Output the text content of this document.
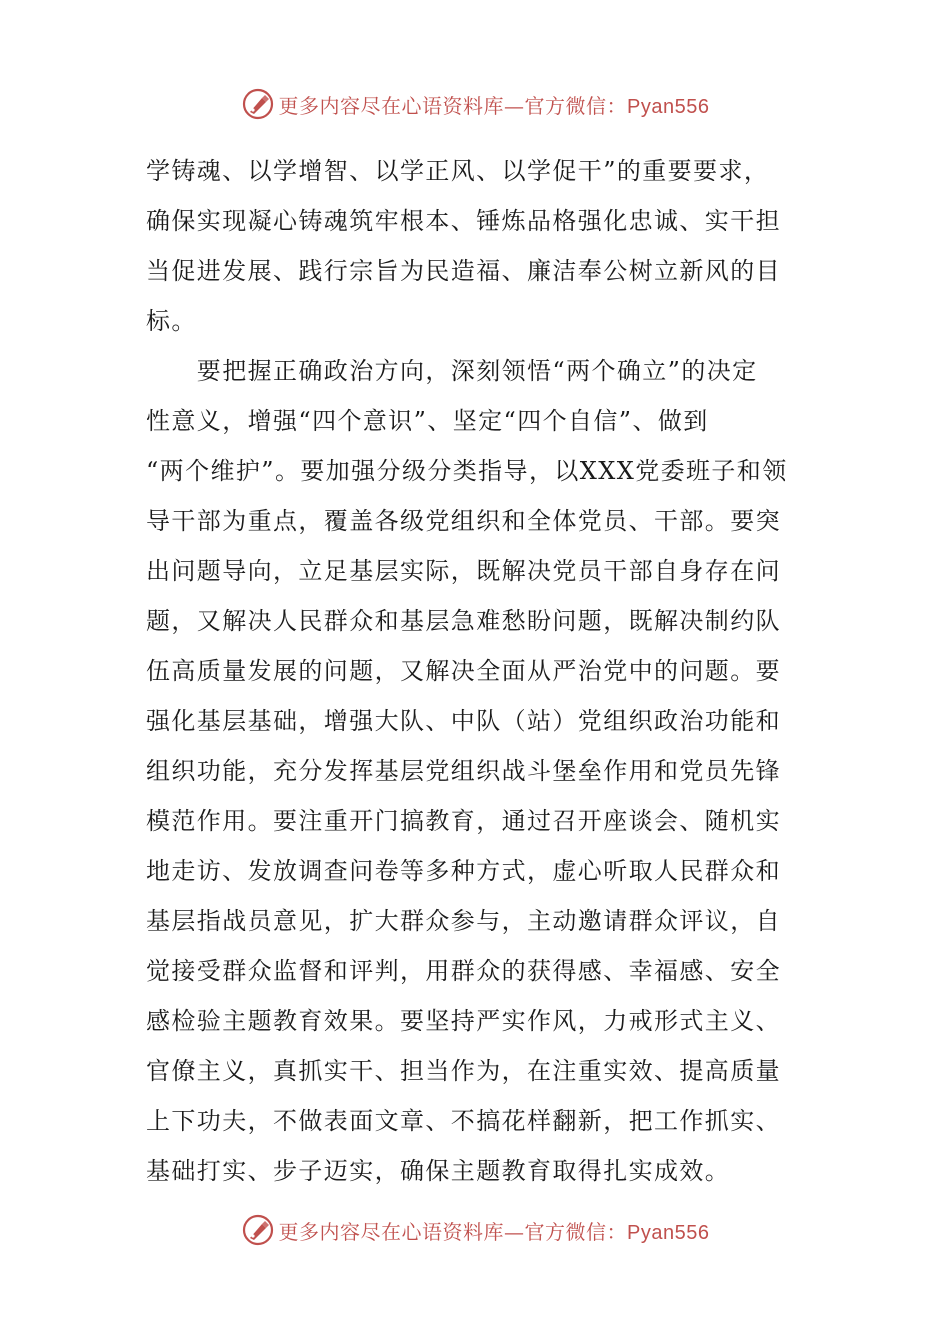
更多内容尽在心语资料库—官方微信：Pyan556
学铸魂、以学增智、以学正风、以学促干”的重要要求，
确保实现凝心铸魂筑牢根本、锤炼品格强化忠诚、实干担
当促进发展、践行宗旨为民造福、廉洁奉公树立新风的目
标。
　　要把握正确政治方向，深刻领悟“两个确立”的决定
性意义，增强“四个意识”、坚定“四个自信”、做到
“两个维护”。要加强分级分类指导，以XXX党委班子和领
导干部为重点，覆盖各级党组织和全体党员、干部。要突
出问题导向，立足基层实际，既解决党员干部自身存在问
题，又解决人民群众和基层急难愁盼问题，既解决制约队
伍高质量发展的问题，又解决全面从严治党中的问题。要
强化基层基础，增强大队、中队（站）党组织政治功能和
组织功能，充分发挥基层党组织战斗堡垒作用和党员先锋
模范作用。要注重开门搞教育，通过召开座谈会、随机实
地走访、发放调查问卷等多种方式，虚心听取人民群众和
基层指战员意见，扩大群众参与，主动邀请群众评议，自
觉接受群众监督和评判，用群众的获得感、幸福感、安全
感检验主题教育效果。要坚持严实作风，力戒形式主义、
官僚主义，真抓实干、担当作为，在注重实效、提高质量
上下功夫，不做表面文章、不搞花样翻新，把工作抓实、
基础打实、步子迈实，确保主题教育取得扎实成效。
更多内容尽在心语资料库—官方微信：Pyan556
